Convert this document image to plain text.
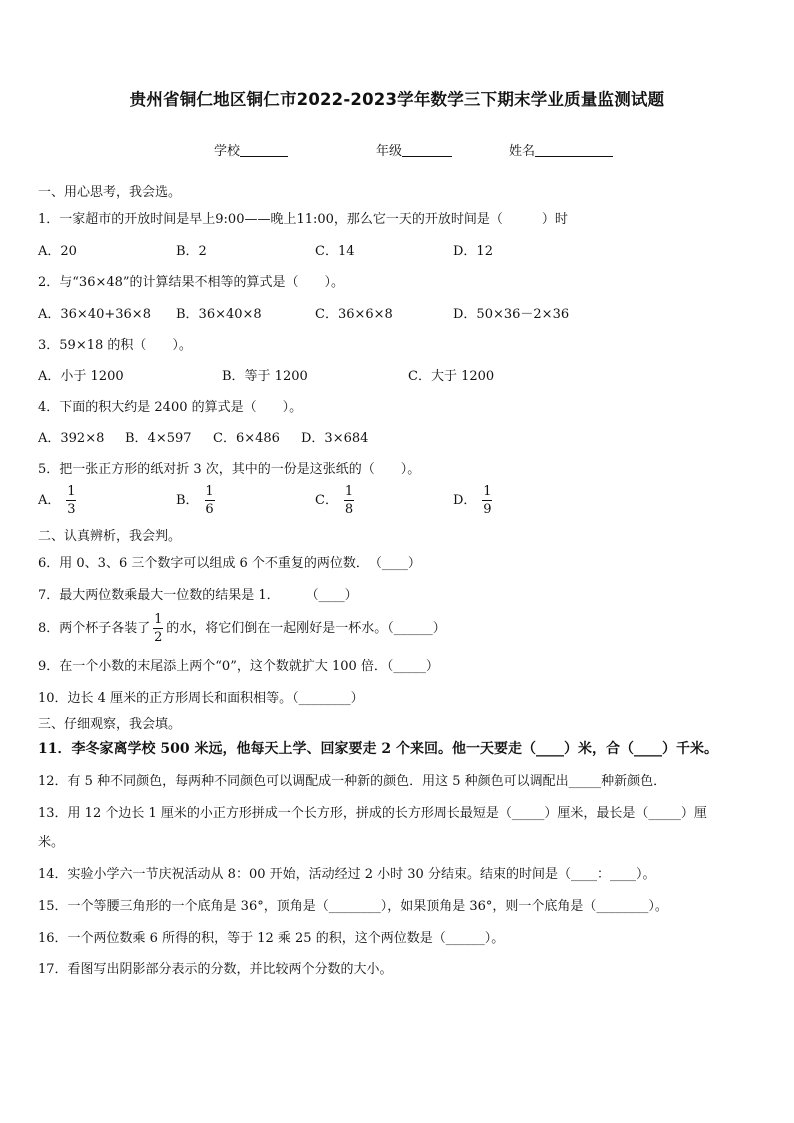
贵州省铜仁地区铜仁市2022-2023学年数学三下期末学业质量监测试题
学校	年级	姓名
一、用心思考，我会选。
1．一家超市的开放时间是早上9:00——晚上11:00，那么它一天的开放时间是（　　　）时
A．20	B．2	C．14	D．12
2．与“36×48”的计算结果不相等的算式是（　　）。
A．36×40+36×8 B．36×40×8	C．36×6×8	D．50×36－2×36
3．59×18 的积（　　）。
A．小于 1200	B．等于 1200	C．大于 1200
4．下面的积大约是 2400 的算式是（　　）。
A．392×8 B．4×597 C．6×486 D．3×684
5．把一张正方形的纸对折 3 次，其中的一份是这张纸的（　　）。
A． $\frac{1}{3}$	B． $\frac{1}{6}$	C． $\frac{1}{8}$	D． $\frac{1}{9}$
二、认真辨析，我会判。
6．用 0、3、6 三个数字可以组成 6 个不重复的两位数．　（____）
7．最大两位数乘最大一位数的结果是 1．　　　（____）
8．两个杯子各装了 $\frac{1}{2}$ 的水，将它们倒在一起刚好是一杯水。（______）
9．在一个小数的末尾添上两个“0”，这个数就扩大 100 倍．（_____）
10．边长 4 厘米的正方形周长和面积相等。（________）
三、仔细观察，我会填。
11．李冬家离学校 500 米远，他每天上学、回家要走 2 个来回。他一天要走（____）米，合（____）千米。
12．有 5 种不同颜色，每两种不同颜色可以调配成一种新的颜色．用这 5 种颜色可以调配出_____种新颜色．
13．用 12 个边长 1 厘米的小正方形拼成一个长方形，拼成的长方形周长最短是（_____）厘米，最长是（_____）厘
米。
14．实验小学六一节庆祝活动从 8：00 开始，活动经过 2 小时 30 分结束。结束的时间是（____：____）。
15．一个等腰三角形的一个底角是 36°，顶角是（________），如果顶角是 36°，则一个底角是（________）。
16．一个两位数乘 6 所得的积，等于 12 乘 25 的积，这个两位数是（______）。
17．看图写出阴影部分表示的分数，并比较两个分数的大小。
